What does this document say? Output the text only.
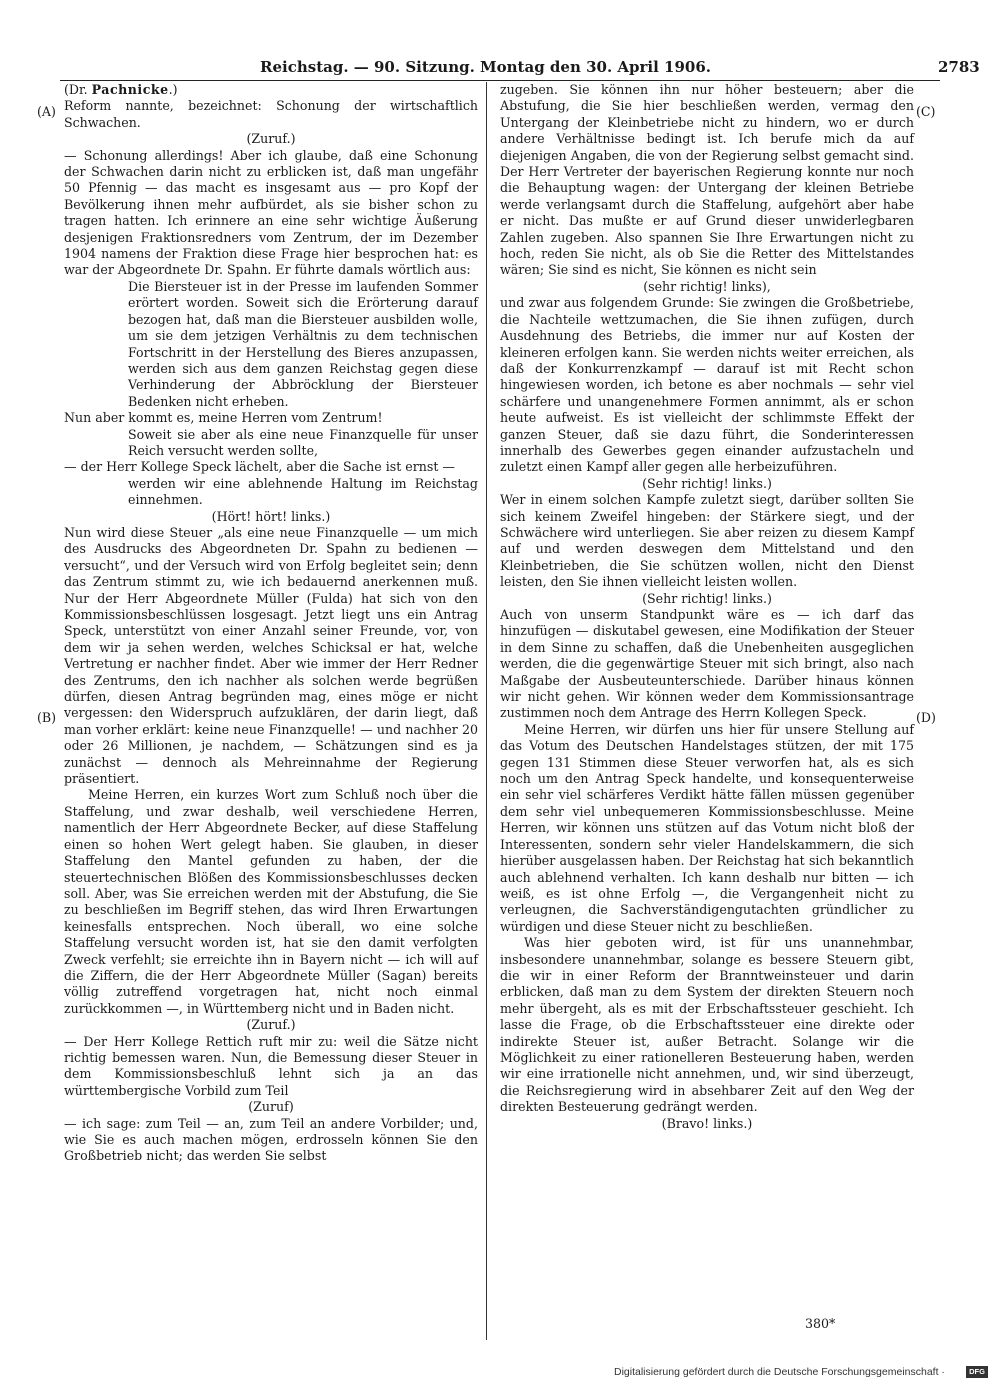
Reichstag. — 90. Sitzung. Montag den 30. April 1906.	2783
(A)
(B)
(C)
(D)

(Dr. Pachnicke.)

Reform nannte, bezeichnet: Schonung der wirtschaftlich Schwachen.

(Zuruf.)

— Schonung allerdings! Aber ich glaube, daß eine Schonung der Schwachen darin nicht zu erblicken ist, daß man ungefähr 50 Pfennig — das macht es insgesamt aus — pro Kopf der Bevölkerung ihnen mehr aufbürdet, als sie bisher schon zu tragen hatten. Ich erinnere an eine sehr wichtige Äußerung desjenigen Fraktionsredners vom Zentrum, der im Dezember 1904 namens der Fraktion diese Frage hier besprochen hat: es war der Abgeordnete Dr. Spahn. Er führte damals wörtlich aus:

Die Biersteuer ist in der Presse im laufenden Sommer erörtert worden. Soweit sich die Erörterung darauf bezogen hat, daß man die Biersteuer ausbilden wolle, um sie dem jetzigen Verhältnis zu dem technischen Fortschritt in der Herstellung des Bieres anzupassen, werden sich aus dem ganzen Reichstag gegen diese Verhinderung der Abbröcklung der Biersteuer Bedenken nicht erheben.

Nun aber kommt es, meine Herren vom Zentrum!

Soweit sie aber als eine neue Finanzquelle für unser Reich versucht werden sollte,

— der Herr Kollege Speck lächelt, aber die Sache ist ernst —

werden wir eine ablehnende Haltung im Reichstag einnehmen.

(Hört! hört! links.)

Nun wird diese Steuer „als eine neue Finanzquelle — um mich des Ausdrucks des Abgeordneten Dr. Spahn zu bedienen — versucht“, und der Versuch wird von Erfolg begleitet sein; denn das Zentrum stimmt zu, wie ich bedauernd anerkennen muß. Nur der Herr Abgeordnete Müller (Fulda) hat sich von den Kommissionsbeschlüssen losgesagt. Jetzt liegt uns ein Antrag Speck, unterstützt von einer Anzahl seiner Freunde, vor, von dem wir ja sehen werden, welches Schicksal er hat, welche Vertretung er nachher findet. Aber wie immer der Herr Redner des Zentrums, den ich nachher als solchen werde begrüßen dürfen, diesen Antrag begründen mag, eines möge er nicht vergessen: den Widerspruch aufzuklären, der darin liegt, daß man vorher erklärt: keine neue Finanzquelle! — und nachher 20 oder 26 Millionen, je nachdem, — Schätzungen sind es ja zunächst — dennoch als Mehreinnahme der Regierung präsentiert.

Meine Herren, ein kurzes Wort zum Schluß noch über die Staffelung, und zwar deshalb, weil verschiedene Herren, namentlich der Herr Abgeordnete Becker, auf diese Staffelung einen so hohen Wert gelegt haben. Sie glauben, in dieser Staffelung den Mantel gefunden zu haben, der die steuertechnischen Blößen des Kommissionsbeschlusses decken soll. Aber, was Sie erreichen werden mit der Abstufung, die Sie zu beschließen im Begriff stehen, das wird Ihren Erwartungen keinesfalls entsprechen. Noch überall, wo eine solche Staffelung versucht worden ist, hat sie den damit verfolgten Zweck verfehlt; sie erreichte ihn in Bayern nicht — ich will auf die Ziffern, die der Herr Abgeordnete Müller (Sagan) bereits völlig zutreffend vorgetragen hat, nicht noch einmal zurückkommen —, in Württemberg nicht und in Baden nicht.

(Zuruf.)

— Der Herr Kollege Rettich ruft mir zu: weil die Sätze nicht richtig bemessen waren. Nun, die Bemessung dieser Steuer in dem Kommissionsbeschluß lehnt sich ja an das württembergische Vorbild zum Teil

(Zuruf)

— ich sage: zum Teil — an, zum Teil an andere Vorbilder; und, wie Sie es auch machen mögen, erdrosseln können Sie den Großbetrieb nicht; das werden Sie selbst

zugeben. Sie können ihn nur höher besteuern; aber die Abstufung, die Sie hier beschließen werden, vermag den Untergang der Kleinbetriebe nicht zu hindern, wo er durch andere Verhältnisse bedingt ist. Ich berufe mich da auf diejenigen Angaben, die von der Regierung selbst gemacht sind. Der Herr Vertreter der bayerischen Regierung konnte nur noch die Behauptung wagen: der Untergang der kleinen Betriebe werde verlangsamt durch die Staffelung, aufgehört aber habe er nicht. Das mußte er auf Grund dieser unwiderlegbaren Zahlen zugeben. Also spannen Sie Ihre Erwartungen nicht zu hoch, reden Sie nicht, als ob Sie die Retter des Mittelstandes wären; Sie sind es nicht, Sie können es nicht sein

(sehr richtig! links),

und zwar aus folgendem Grunde: Sie zwingen die Großbetriebe, die Nachteile wettzumachen, die Sie ihnen zufügen, durch Ausdehnung des Betriebs, die immer nur auf Kosten der kleineren erfolgen kann. Sie werden nichts weiter erreichen, als daß der Konkurrenzkampf — darauf ist mit Recht schon hingewiesen worden, ich betone es aber nochmals — sehr viel schärfere und unangenehmere Formen annimmt, als er schon heute aufweist. Es ist vielleicht der schlimmste Effekt der ganzen Steuer, daß sie dazu führt, die Sonderinteressen innerhalb des Gewerbes gegen einander aufzustacheln und zuletzt einen Kampf aller gegen alle herbeizuführen.

(Sehr richtig! links.)

Wer in einem solchen Kampfe zuletzt siegt, darüber sollten Sie sich keinem Zweifel hingeben: der Stärkere siegt, und der Schwächere wird unterliegen. Sie aber reizen zu diesem Kampf auf und werden deswegen dem Mittelstand und den Kleinbetrieben, die Sie schützen wollen, nicht den Dienst leisten, den Sie ihnen vielleicht leisten wollen.

(Sehr richtig! links.)

Auch von unserm Standpunkt wäre es — ich darf das hinzufügen — diskutabel gewesen, eine Modifikation der Steuer in dem Sinne zu schaffen, daß die Unebenheiten ausgeglichen werden, die die gegenwärtige Steuer mit sich bringt, also nach Maßgabe der Ausbeuteunterschiede. Darüber hinaus können wir nicht gehen. Wir können weder dem Kommissionsantrage zustimmen noch dem Antrage des Herrn Kollegen Speck.

Meine Herren, wir dürfen uns hier für unsere Stellung auf das Votum des Deutschen Handelstages stützen, der mit 175 gegen 131 Stimmen diese Steuer verworfen hat, als es sich noch um den Antrag Speck handelte, und konsequenterweise ein sehr viel schärferes Verdikt hätte fällen müssen gegenüber dem sehr viel unbequemeren Kommissionsbeschlusse. Meine Herren, wir können uns stützen auf das Votum nicht bloß der Interessenten, sondern sehr vieler Handelskammern, die sich hierüber ausgelassen haben. Der Reichstag hat sich bekanntlich auch ablehnend verhalten. Ich kann deshalb nur bitten — ich weiß, es ist ohne Erfolg —, die Vergangenheit nicht zu verleugnen, die Sachverständigengutachten gründlicher zu würdigen und diese Steuer nicht zu beschließen.

Was hier geboten wird, ist für uns unannehmbar, insbesondere unannehmbar, solange es bessere Steuern gibt, die wir in einer Reform der Branntweinsteuer und darin erblicken, daß man zu dem System der direkten Steuern noch mehr übergeht, als es mit der Erbschaftssteuer geschieht. Ich lasse die Frage, ob die Erbschaftssteuer eine direkte oder indirekte Steuer ist, außer Betracht. Solange wir die Möglichkeit zu einer rationelleren Besteuerung haben, werden wir eine irrationelle nicht annehmen, und, wir sind überzeugt, die Reichsregierung wird in absehbarer Zeit auf den Weg der direkten Besteuerung gedrängt werden.

(Bravo! links.)

380*
Digitalisierung gefördert durch die Deutsche Forschungsgemeinschaft ·	DFG
